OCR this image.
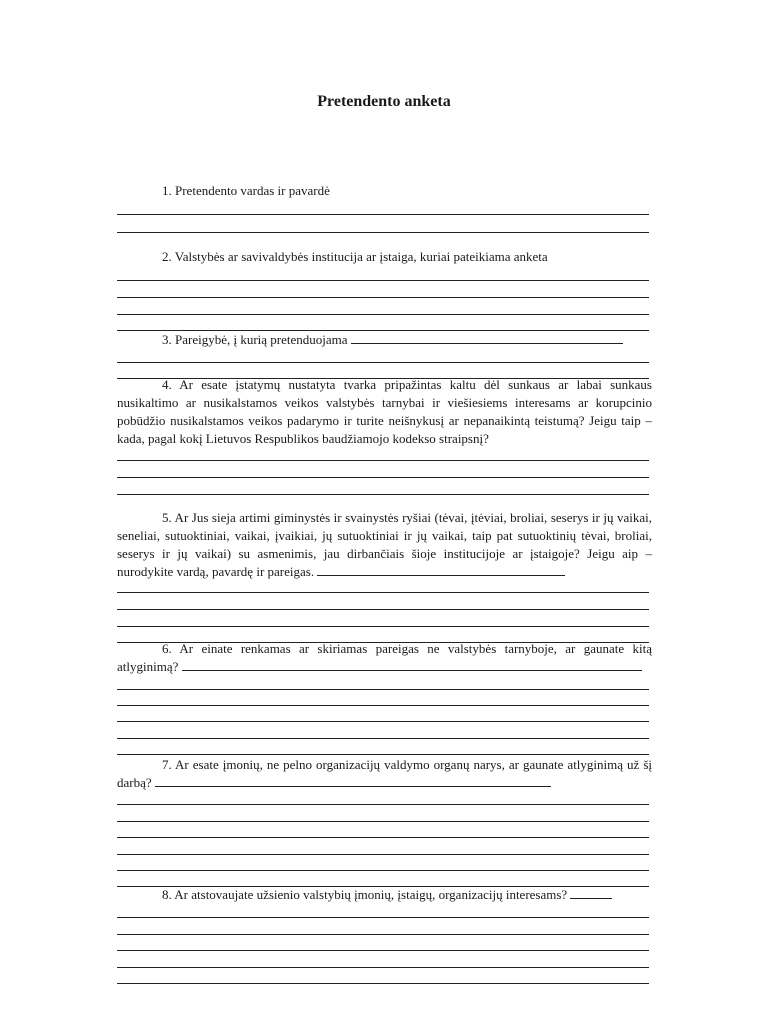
Pretendento anketa
1. Pretendento vardas ir pavardė
2. Valstybės ar savivaldybės institucija ar įstaiga, kuriai pateikiama anketa
3. Pareigybė, į kurią pretenduojama
4. Ar esate įstatymų nustatyta tvarka pripažintas kaltu dėl sunkaus ar labai sunkaus nusikaltimo ar nusikalstamos veikos valstybės tarnybai ir viešiesiems interesams ar korupcinio pobūdžio nusikalstamos veikos padarymo ir turite neišnykusį ar nepanaikintą teistumą? Jeigu taip – kada, pagal kokį Lietuvos Respublikos baudžiamojo kodekso straipsnį?
5. Ar Jus sieja artimi giminystės ir svainystės ryšiai (tėvai, įtėviai, broliai, seserys ir jų vaikai, seneliai, sutuoktiniai, vaikai, įvaikiai, jų sutuoktiniai ir jų vaikai, taip pat sutuoktinių tėvai, broliai, seserys ir jų vaikai) su asmenimis, jau dirbančiais šioje institucijoje ar įstaigoje? Jeigu aip – nurodykite vardą, pavardę ir pareigas.
6. Ar einate renkamas ar skiriamas pareigas ne valstybės tarnyboje, ar gaunate kitą atlyginimą?
7. Ar esate įmonių, ne pelno organizacijų valdymo organų narys, ar gaunate atlyginimą už šį darbą?
8. Ar atstovaujate užsienio valstybių įmonių, įstaigų, organizacijų interesams?
